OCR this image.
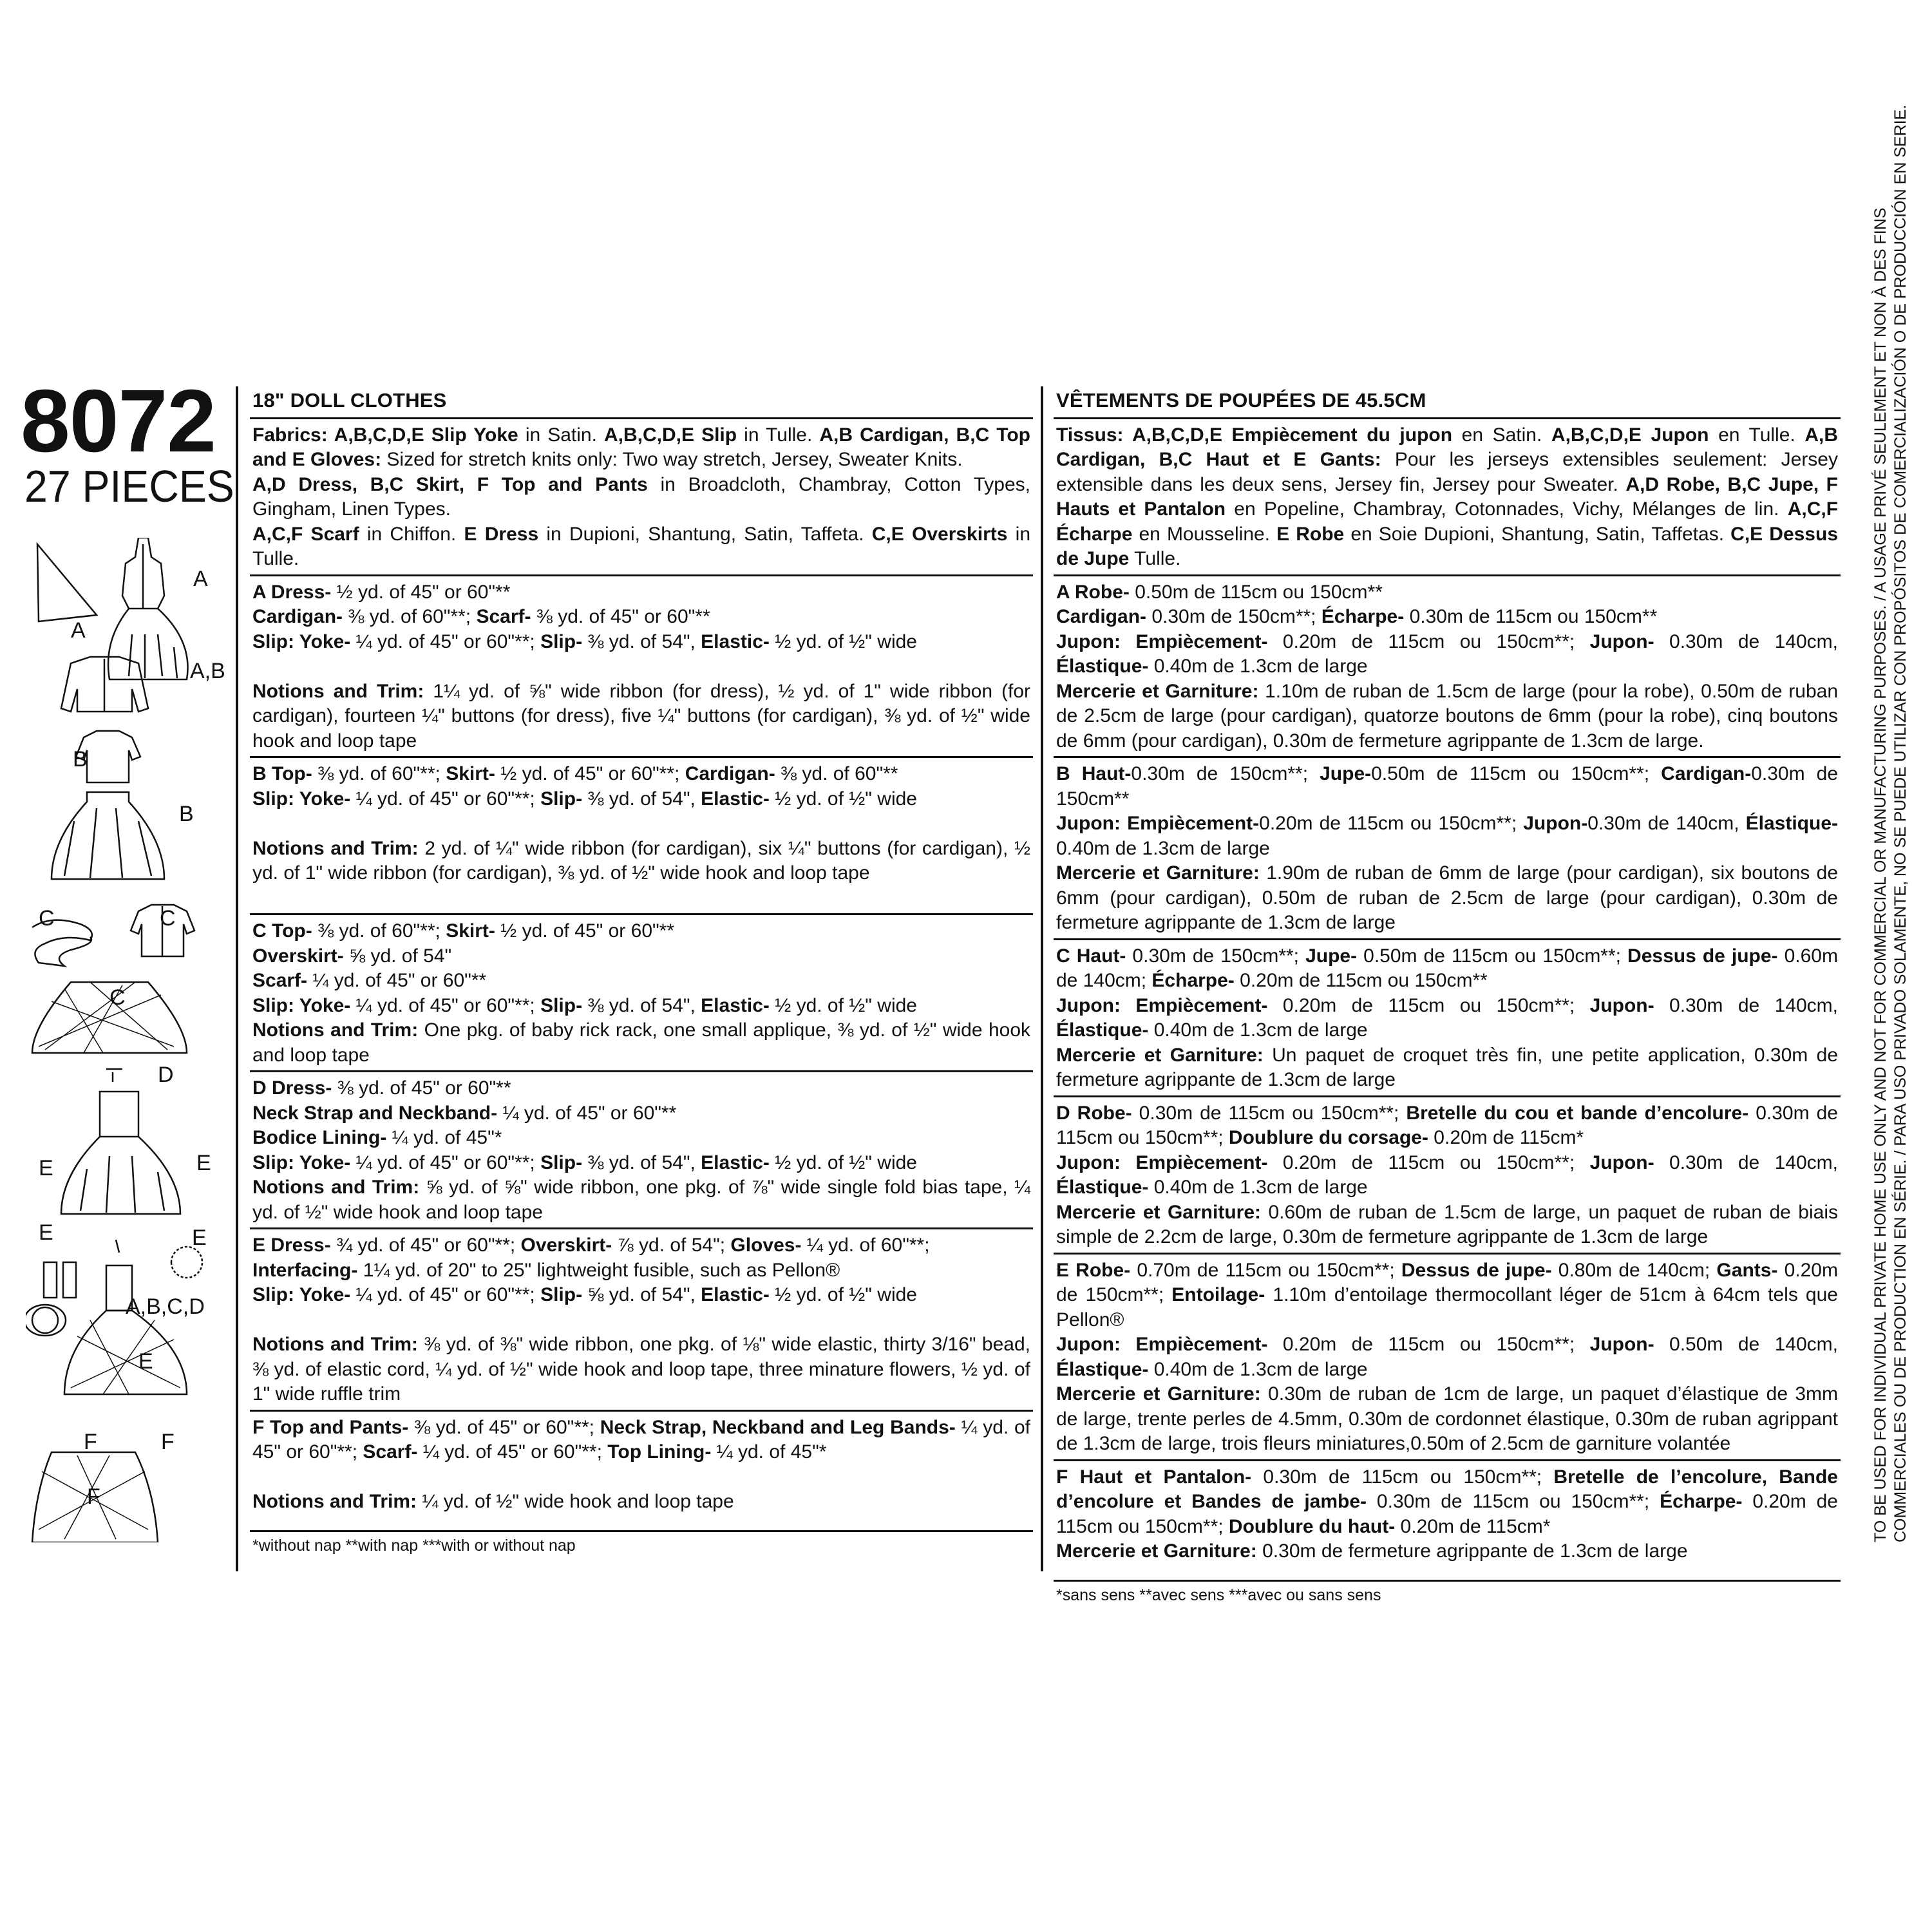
8072
27 PIECES
A
A
A,B
B
B
C	C
C
D
E	E
E	E
A,B,C,D
E
F	F
F
18" DOLL CLOTHES

Fabrics: A,B,C,D,E Slip Yoke in Satin. A,B,C,D,E Slip in Tulle. A,B Cardigan, B,C Top and E Gloves: Sized for stretch knits only: Two way stretch, Jersey, Sweater Knits.

A,D Dress, B,C Skirt, F Top and Pants in Broadcloth, Chambray, Cotton Types, Gingham, Linen Types.

A,C,F Scarf in Chiffon. E Dress in Dupioni, Shantung, Satin, Taffeta. C,E Overskirts in Tulle.

A Dress- ½ yd. of 45" or 60"**

Cardigan- ⅜ yd. of 60"**; Scarf- ⅜ yd. of 45" or 60"**

Slip: Yoke- ¼ yd. of 45" or 60"**; Slip- ⅜ yd. of 54", Elastic- ½ yd. of ½" wide

Notions and Trim: 1¼ yd. of ⅝" wide ribbon (for dress), ½ yd. of 1" wide ribbon (for cardigan), fourteen ¼" buttons (for dress), five ¼" buttons (for cardigan), ⅜ yd. of ½" wide hook and loop tape

B Top- ⅜ yd. of 60"**; Skirt- ½ yd. of 45" or 60"**; Cardigan- ⅜ yd. of 60"**

Slip: Yoke- ¼ yd. of 45" or 60"**; Slip- ⅜ yd. of 54", Elastic- ½ yd. of ½" wide

Notions and Trim: 2 yd. of ¼" wide ribbon (for cardigan), six ¼" buttons (for cardigan), ½ yd. of 1" wide ribbon (for cardigan), ⅜ yd. of ½" wide hook and loop tape

C Top- ⅜ yd. of 60"**; Skirt- ½ yd. of 45" or 60"**

Overskirt- ⅝ yd. of 54"

Scarf- ¼ yd. of 45" or 60"**

Slip: Yoke- ¼ yd. of 45" or 60"**; Slip- ⅜ yd. of 54", Elastic- ½ yd. of ½" wide

Notions and Trim: One pkg. of baby rick rack, one small applique, ⅜ yd. of ½" wide hook and loop tape

D Dress- ⅜ yd. of 45" or 60"**

Neck Strap and Neckband- ¼ yd. of 45" or 60"**

Bodice Lining- ¼ yd. of 45"*

Slip: Yoke- ¼ yd. of 45" or 60"**; Slip- ⅜ yd. of 54", Elastic- ½ yd. of ½" wide

Notions and Trim: ⅝ yd. of ⅝" wide ribbon, one pkg. of ⅞" wide single fold bias tape, ¼ yd. of ½" wide hook and loop tape

E Dress- ¾ yd. of 45" or 60"**; Overskirt- ⅞ yd. of 54"; Gloves- ¼ yd. of 60"**;

Interfacing- 1¼ yd. of 20" to 25" lightweight fusible, such as Pellon®

Slip: Yoke- ¼ yd. of 45" or 60"**; Slip- ⅝ yd. of 54", Elastic- ½ yd. of ½" wide

Notions and Trim: ⅜ yd. of ⅜" wide ribbon, one pkg. of ⅛" wide elastic, thirty 3/16" bead, ⅜ yd. of elastic cord, ¼ yd. of ½" wide hook and loop tape, three minature flowers, ½ yd. of 1" wide ruffle trim

F Top and Pants- ⅜ yd. of 45" or 60"**; Neck Strap, Neckband and Leg Bands- ¼ yd. of 45" or 60"**; Scarf- ¼ yd. of 45" or 60"**; Top Lining- ¼ yd. of 45"*

Notions and Trim: ¼ yd. of ½" wide hook and loop tape

*without nap **with nap ***with or without nap
VÊTEMENTS DE POUPÉES DE 45.5CM

Tissus: A,B,C,D,E Empiècement du jupon en Satin. A,B,C,D,E Jupon en Tulle. A,B Cardigan, B,C Haut et E Gants: Pour les jerseys extensibles seulement: Jersey extensible dans les deux sens, Jersey fin, Jersey pour Sweater. A,D Robe, B,C Jupe, F Hauts et Pantalon en Popeline, Chambray, Cotonnades, Vichy, Mélanges de lin. A,C,F Écharpe en Mousseline. E Robe en Soie Dupioni, Shantung, Satin, Taffetas. C,E Dessus de Jupe Tulle.

A Robe- 0.50m de 115cm ou 150cm**

Cardigan- 0.30m de 150cm**; Écharpe- 0.30m de 115cm ou 150cm**

Jupon: Empiècement- 0.20m de 115cm ou 150cm**; Jupon- 0.30m de 140cm, Élastique- 0.40m de 1.3cm de large

Mercerie et Garniture: 1.10m de ruban de 1.5cm de large (pour la robe), 0.50m de ruban de 2.5cm de large (pour cardigan), quatorze boutons de 6mm (pour la robe), cinq boutons de 6mm (pour cardigan), 0.30m de fermeture agrippante de 1.3cm de large.

B Haut-0.30m de 150cm**; Jupe-0.50m de 115cm ou 150cm**; Cardigan-0.30m de 150cm**

Jupon: Empiècement-0.20m de 115cm ou 150cm**; Jupon-0.30m de 140cm, Élastique- 0.40m de 1.3cm de large

Mercerie et Garniture: 1.90m de ruban de 6mm de large (pour cardigan), six boutons de 6mm (pour cardigan), 0.50m de ruban de 2.5cm de large (pour cardigan), 0.30m de fermeture agrippante de 1.3cm de large

C Haut- 0.30m de 150cm**; Jupe- 0.50m de 115cm ou 150cm**; Dessus de jupe- 0.60m de 140cm; Écharpe- 0.20m de 115cm ou 150cm**

Jupon: Empiècement- 0.20m de 115cm ou 150cm**; Jupon- 0.30m de 140cm, Élastique- 0.40m de 1.3cm de large

Mercerie et Garniture: Un paquet de croquet très fin, une petite application, 0.30m de fermeture agrippante de 1.3cm de large

D Robe- 0.30m de 115cm ou 150cm**; Bretelle du cou et bande d’encolure- 0.30m de 115cm ou 150cm**; Doublure du corsage- 0.20m de 115cm*

Jupon: Empiècement- 0.20m de 115cm ou 150cm**; Jupon- 0.30m de 140cm, Élastique- 0.40m de 1.3cm de large

Mercerie et Garniture: 0.60m de ruban de 1.5cm de large, un paquet de ruban de biais simple de 2.2cm de large, 0.30m de fermeture agrippante de 1.3cm de large

E Robe- 0.70m de 115cm ou 150cm**; Dessus de jupe- 0.80m de 140cm; Gants- 0.20m de 150cm**; Entoilage- 1.10m d’entoilage thermocollant léger de 51cm à 64cm tels que Pellon®

Jupon: Empiècement- 0.20m de 115cm ou 150cm**; Jupon- 0.50m de 140cm, Élastique- 0.40m de 1.3cm de large

Mercerie et Garniture: 0.30m de ruban de 1cm de large, un paquet d’élastique de 3mm de large, trente perles de 4.5mm, 0.30m de cordonnet élastique, 0.30m de ruban agrippant de 1.3cm de large, trois fleurs miniatures,0.50m of 2.5cm de garniture volantée

F Haut et Pantalon- 0.30m de 115cm ou 150cm**; Bretelle de l’encolure, Bande d’encolure et Bandes de jambe- 0.30m de 115cm ou 150cm**; Écharpe- 0.20m de 115cm ou 150cm**; Doublure du haut- 0.20m de 115cm*

Mercerie et Garniture: 0.30m de fermeture agrippante de 1.3cm de large

*sans sens **avec sens ***avec ou sans sens
TO BE USED FOR INDIVIDUAL PRIVATE HOME USE ONLY AND NOT FOR COMMERCIAL OR MANUFACTURING PURPOSES. / A USAGE PRIVÉ SEULEMENT ET NON À DES FINS COMMERCIALES OU DE PRODUCTION EN SÉRIE. / PARA USO PRIVADO SOLAMENTE, NO SE PUEDE UTILIZAR CON PROPÓSITOS DE COMERCIALIZACIÓN O DE PRODUCCIÓN EN SERIE.
